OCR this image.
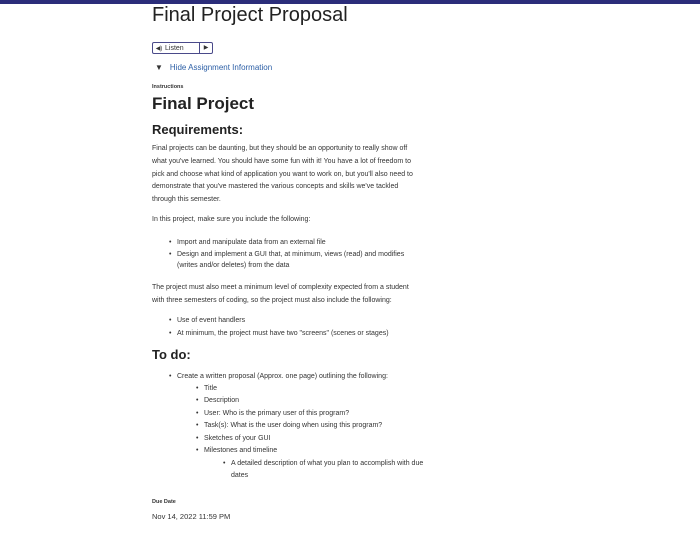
Final Project Proposal
◀︎) Listen	▶
▼ Hide Assignment Information
Instructions
Final Project
Requirements:

Final projects can be daunting, but they should be an opportunity to really show off
what you've learned. You should have some fun with it! You have a lot of freedom to
pick and choose what kind of application you want to work on, but you'll also need to
demonstrate that you've mastered the various concepts and skills we've tackled
through this semester.

In this project, make sure you include the following:

• Import and manipulate data from an external file
• Design and implement a GUI that, at minimum, views (read) and modifies
(writes and/or deletes) from the data

The project must also meet a minimum level of complexity expected from a student
with three semesters of coding, so the project must also include the following:

• Use of event handlers
• At minimum, the project must have two "screens" (scenes or stages)
To do:
• Create a written proposal (Approx. one page) outlining the following:
• Title
• Description
• User: Who is the primary user of this program?
• Task(s): What is the user doing when using this program?
• Sketches of your GUI
• Milestones and timeline
• A detailed description of what you plan to accomplish with due
dates
Due Date
Nov 14, 2022 11:59 PM
